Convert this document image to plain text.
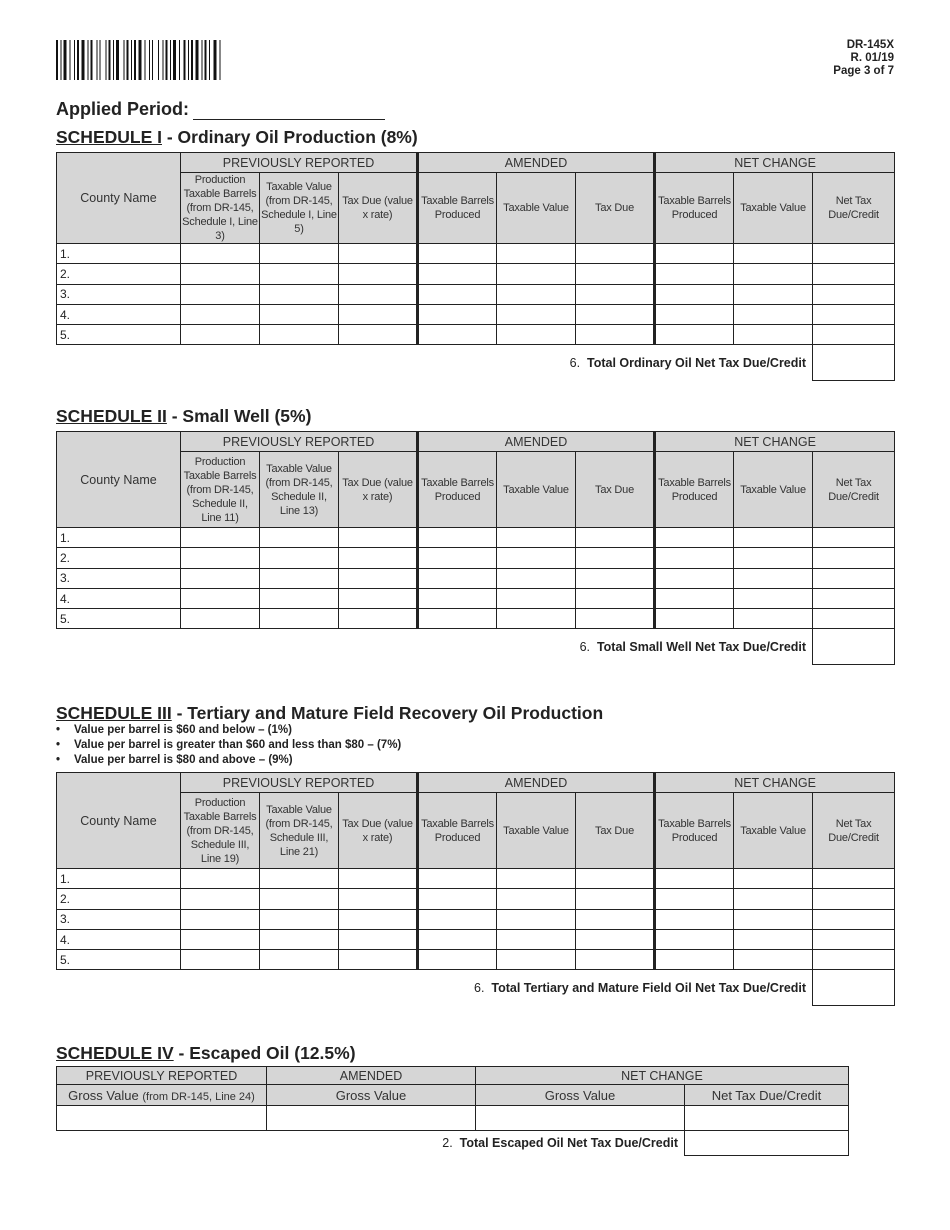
DR-145X
R. 01/19
Page 3 of 7
Applied Period:
SCHEDULE I - Ordinary Oil Production (8%)
County Name	PREVIOUSLY REPORTED			AMENDED			NET CHANGE		
	Production Taxable Barrels (from DR-145, Schedule I, Line 3)	Taxable Value (from DR-145, Schedule I, Line 5)	Tax Due (value x rate)	Taxable Barrels Produced	Taxable Value	Tax Due	Taxable Barrels Produced	Taxable Value	Net Tax Due/Credit
1.									
2.									
3.									
4.									
5.									
6. Total Ordinary Oil Net Tax Due/Credit									
SCHEDULE II - Small Well (5%)
County Name	PREVIOUSLY REPORTED			AMENDED			NET CHANGE		
	Production Taxable Barrels (from DR-145, Schedule II, Line 11)	Taxable Value (from DR-145, Schedule II, Line 13)	Tax Due (value x rate)	Taxable Barrels Produced	Taxable Value	Tax Due	Taxable Barrels Produced	Taxable Value	Net Tax Due/Credit
1.									
2.									
3.									
4.									
5.									
6. Total Small Well Net Tax Due/Credit									
SCHEDULE III - Tertiary and Mature Field Recovery Oil Production
• Value per barrel is $60 and below – (1%)
• Value per barrel is greater than $60 and less than $80 – (7%)
• Value per barrel is $80 and above – (9%)
County Name	PREVIOUSLY REPORTED			AMENDED			NET CHANGE		
	Production Taxable Barrels (from DR-145, Schedule III, Line 19)	Taxable Value (from DR-145, Schedule III, Line 21)	Tax Due (value x rate)	Taxable Barrels Produced	Taxable Value	Tax Due	Taxable Barrels Produced	Taxable Value	Net Tax Due/Credit
1.									
2.									
3.									
4.									
5.									
6. Total Tertiary and Mature Field Oil Net Tax Due/Credit									
SCHEDULE IV - Escaped Oil (12.5%)
PREVIOUSLY REPORTED	AMENDED	NET CHANGE	
Gross Value (from DR-145, Line 24)	Gross Value	Gross Value	Net Tax Due/Credit

2. Total Escaped Oil Net Tax Due/Credit			
